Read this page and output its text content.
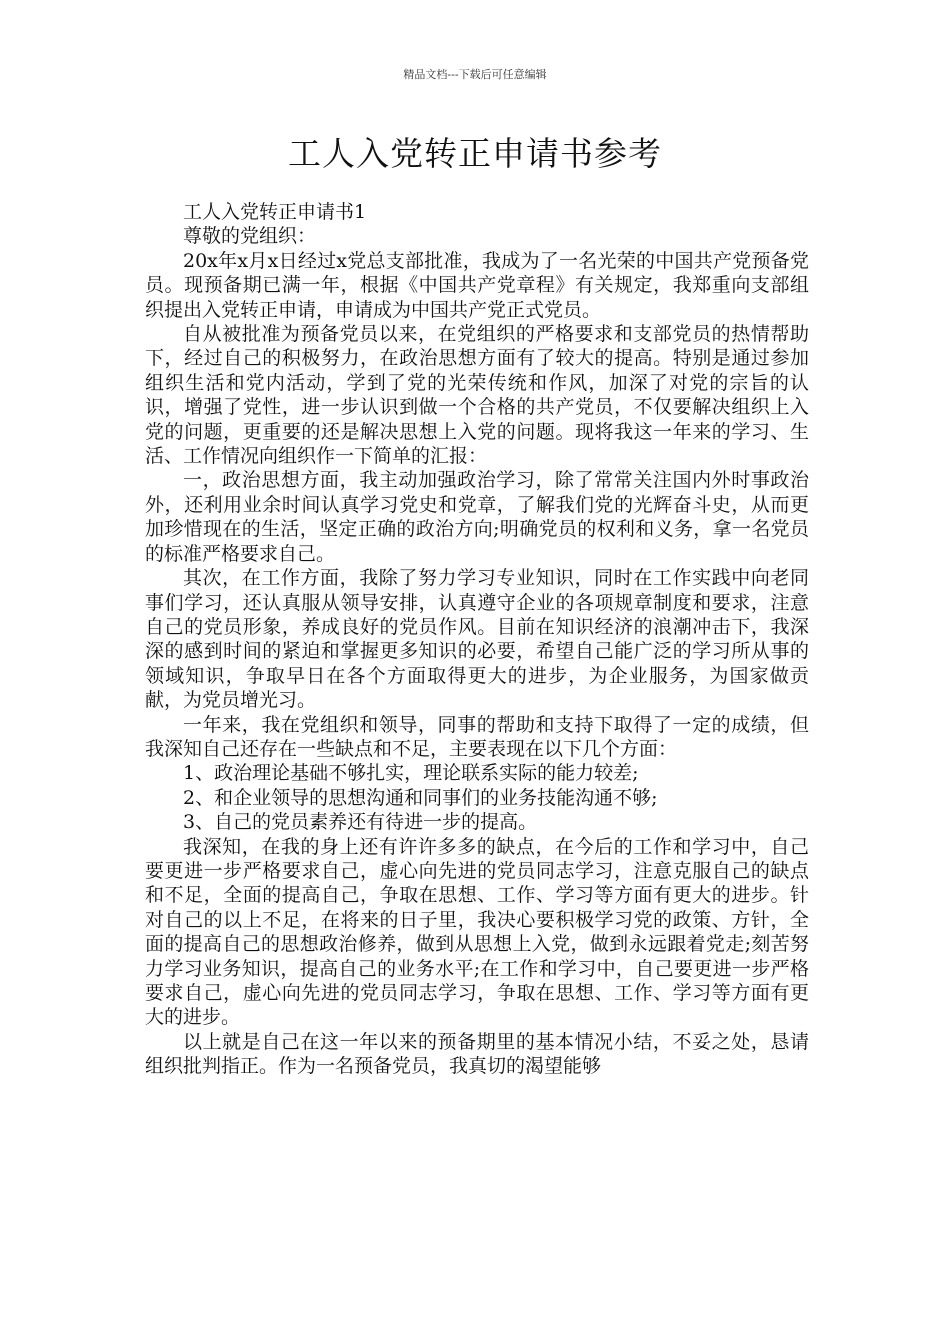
精品文档---下载后可任意编辑
工人入党转正申请书参考

工人入党转正申请书1

尊敬的党组织：

20x年x月x日经过x党总支部批准，我成为了一名光荣的中国共产党预备党员。现预备期已满一年，根据《中国共产党章程》有关规定，我郑重向支部组织提出入党转正申请，申请成为中国共产党正式党员。

自从被批准为预备党员以来，在党组织的严格要求和支部党员的热情帮助下，经过自己的积极努力，在政治思想方面有了较大的提高。特别是通过参加组织生活和党内活动，学到了党的光荣传统和作风，加深了对党的宗旨的认识，增强了党性，进一步认识到做一个合格的共产党员，不仅要解决组织上入党的问题，更重要的还是解决思想上入党的问题。现将我这一年来的学习、生活、工作情况向组织作一下简单的汇报：

一，政治思想方面，我主动加强政治学习，除了常常关注国内外时事政治外，还利用业余时间认真学习党史和党章，了解我们党的光辉奋斗史，从而更加珍惜现在的生活，坚定正确的政治方向;明确党员的权利和义务，拿一名党员的标准严格要求自己。

其次，在工作方面，我除了努力学习专业知识，同时在工作实践中向老同事们学习，还认真服从领导安排，认真遵守企业的各项规章制度和要求，注意自己的党员形象，养成良好的党员作风。目前在知识经济的浪潮冲击下，我深深的感到时间的紧迫和掌握更多知识的必要，希望自己能广泛的学习所从事的领域知识，争取早日在各个方面取得更大的进步，为企业服务，为国家做贡献，为党员增光习。

一年来，我在党组织和领导，同事的帮助和支持下取得了一定的成绩，但我深知自己还存在一些缺点和不足，主要表现在以下几个方面：

1、政治理论基础不够扎实，理论联系实际的能力较差;

2、和企业领导的思想沟通和同事们的业务技能沟通不够;

3、自己的党员素养还有待进一步的提高。

我深知，在我的身上还有许许多多的缺点，在今后的工作和学习中，自己要更进一步严格要求自己，虚心向先进的党员同志学习，注意克服自己的缺点和不足，全面的提高自己，争取在思想、工作、学习等方面有更大的进步。针对自己的以上不足，在将来的日子里，我决心要积极学习党的政策、方针，全面的提高自己的思想政治修养，做到从思想上入党，做到永远跟着党走;刻苦努力学习业务知识，提高自己的业务水平;在工作和学习中，自己要更进一步严格要求自己，虚心向先进的党员同志学习，争取在思想、工作、学习等方面有更大的进步。

以上就是自己在这一年以来的预备期里的基本情况小结，不妥之处，恳请组织批判指正。作为一名预备党员，我真切的渴望能够
